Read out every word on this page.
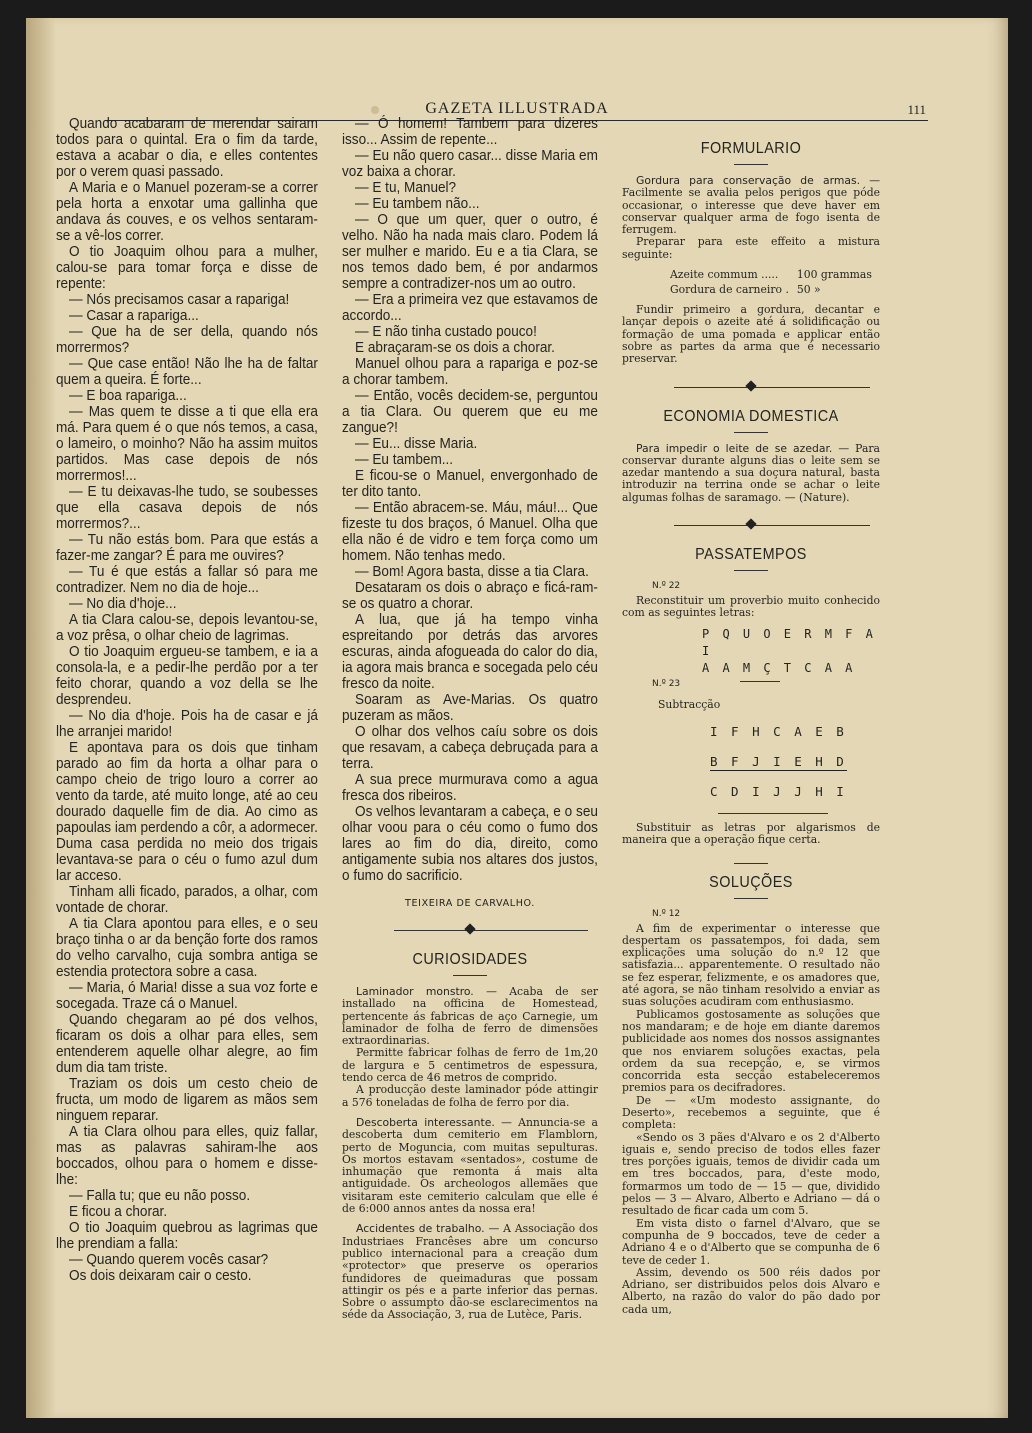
GAZETA ILLUSTRADA	111

Quando acabaram de merendar sairam todos para o quintal. Era o fim da tarde, estava a acabar o dia, e elles contentes por o verem quasi passado.

A Maria e o Manuel pozeram-se a correr pela horta a enxotar uma gallinha que andava ás couves, e os velhos sentaram-se a vê-los correr.

O tio Joaquim olhou para a mulher, calou-se para tomar força e disse de repente:

— Nós precisamos casar a rapariga!

— Casar a rapariga...

— Que ha de ser della, quando nós morrermos?

— Que case então! Não lhe ha de faltar quem a queira. É forte...

— E boa rapariga...

— Mas quem te disse a ti que ella era má. Para quem é o que nós temos, a casa, o lameiro, o moinho? Não ha assim muitos partidos. Mas case depois de nós morrermos!...

— E tu deixavas-lhe tudo, se soubesses que ella casava depois de nós morrermos?...

— Tu não estás bom. Para que estás a fazer-me zangar? É para me ouvires?

— Tu é que estás a fallar só para me contradizer. Nem no dia de hoje...

— No dia d'hoje...

A tia Clara calou-se, depois levantou-se, a voz prêsa, o olhar cheio de lagrimas.

O tio Joaquim ergueu-se tambem, e ia a consola-la, e a pedir-lhe perdão por a ter feito chorar, quando a voz della se lhe desprendeu.

— No dia d'hoje. Pois ha de casar e já lhe arranjei marido!

E apontava para os dois que tinham parado ao fim da horta a olhar para o campo cheio de trigo louro a correr ao vento da tarde, até muito longe, até ao ceu dourado daquelle fim de dia. Ao cimo as papoulas iam perdendo a côr, a adormecer. Duma casa perdida no meio dos trigais levantava-se para o céu o fumo azul dum lar acceso.

Tinham alli ficado, parados, a olhar, com vontade de chorar.

A tia Clara apontou para elles, e o seu braço tinha o ar da benção forte dos ramos do velho carvalho, cuja sombra antiga se estendia protectora sobre a casa.

— Maria, ó Maria! disse a sua voz forte e socegada. Traze cá o Manuel.

Quando chegaram ao pé dos velhos, ficaram os dois a olhar para elles, sem entenderem aquelle olhar alegre, ao fim dum dia tam triste.

Traziam os dois um cesto cheio de fructa, um modo de ligarem as mãos sem ninguem reparar.

A tia Clara olhou para elles, quiz fallar, mas as palavras sahiram-lhe aos boccados, olhou para o homem e disse-lhe:

— Falla tu; que eu não posso.

E ficou a chorar.

O tio Joaquim quebrou as lagrimas que lhe prendiam a falla:

— Quando querem vocês casar?

Os dois deixaram cair o cesto.

— Ó homem! Tambem para dizeres isso... Assim de repente...

— Eu não quero casar... disse Maria em voz baixa a chorar.

— E tu, Manuel?

— Eu tambem não...

— O que um quer, quer o outro, é velho. Não ha nada mais claro. Podem lá ser mulher e marido. Eu e a tia Clara, se nos temos dado bem, é por andarmos sempre a contradizer-nos um ao outro.

— Era a primeira vez que estavamos de accordo...

— E não tinha custado pouco!

E abraçaram-se os dois a chorar.

Manuel olhou para a rapariga e poz-se a chorar tambem.

— Então, vocês decidem-se, perguntou a tia Clara. Ou querem que eu me zangue?!

— Eu... disse Maria.

— Eu tambem...

E ficou-se o Manuel, envergonhado de ter dito tanto.

— Então abracem-se. Máu, máu!... Que fizeste tu dos braços, ó Manuel. Olha que ella não é de vidro e tem força como um homem. Não tenhas medo.

— Bom! Agora basta, disse a tia Clara.

Desataram os dois o abraço e ficá-ram-se os quatro a chorar.

A lua, que já ha tempo vinha espreitando por detrás das arvores escuras, ainda afogueada do calor do dia, ia agora mais branca e socegada pelo céu fresco da noite.

Soaram as Ave-Marias. Os quatro puzeram as mãos.

O olhar dos velhos caíu sobre os dois que resavam, a cabeça debruçada para a terra.

A sua prece murmurava como a agua fresca dos ribeiros.

Os velhos levantaram a cabeça, e o seu olhar voou para o céu como o fumo dos lares ao fim do dia, direito, como antigamente subia nos altares dos justos, o fumo do sacrificio.

TEIXEIRA DE CARVALHO.

CURIOSIDADES

Laminador monstro. — Acaba de ser installado na officina de Homestead, pertencente ás fabricas de aço Carnegie, um laminador de folha de ferro de dimensões extraordinarias.

Permitte fabricar folhas de ferro de 1m,20 de largura e 5 centimetros de espessura, tendo cerca de 46 metros de comprido.

A producção deste laminador póde attingir a 576 toneladas de folha de ferro por dia.

Descoberta interessante. — Annuncia-se a descoberta dum cemiterio em Flamblorn, perto de Moguncia, com muitas sepulturas. Os mortos estavam «sentados», costume de inhumação que remonta á mais alta antiguidade. Os archeologos allemães que visitaram este cemiterio calculam que elle é de 6:000 annos antes da nossa era!

Accidentes de trabalho. — A Associação dos Industriaes Francêses abre um concurso publico internacional para a creação dum «protector» que preserve os operarios fundidores de queimaduras que possam attingir os pés e a parte inferior das pernas. Sobre o assumpto dão-se esclarecimentos na séde da Associação, 3, rua de Lutèce, Paris.

FORMULARIO

Gordura para conservação de armas. — Facilmente se avalia pelos perigos que póde occasionar, o interesse que deve haver em conservar qualquer arma de fogo isenta de ferrugem.

Preparar para este effeito a mistura seguinte:

Azeite commum .....	100 grammas
Gordura de carneiro .	50 »

Fundir primeiro a gordura, decantar e lançar depois o azeite até á solidificação ou formação de uma pomada e applicar então sobre as partes da arma que é necessario preservar.

ECONOMIA DOMESTICA

Para impedir o leite de se azedar. — Para conservar durante alguns dias o leite sem se azedar mantendo a sua doçura natural, basta introduzir na terrina onde se achar o leite algumas folhas de saramago. — (Nature).

PASSATEMPOS

N.º 22

Reconstituir um proverbio muito conhecido com as seguintes letras:

P Q U O E R M F A I

A A M Ç T C A A

N.º 23

Subtracção

I F H C A E B

B F J I E H D

C D I J J H I

Substituir as letras por algarismos de maneira que a operação fique certa.

SOLUÇÕES

N.º 12

A fim de experimentar o interesse que despertam os passatempos, foi dada, sem explicações uma solução do n.º 12 que satisfazia... apparentemente. O resultado não se fez esperar, felizmente, e os amadores que, até agora, se não tinham resolvido a enviar as suas soluções acudiram com enthusiasmo.

Publicamos gostosamente as soluções que nos mandaram; e de hoje em diante daremos publicidade aos nomes dos nossos assignantes que nos enviarem soluções exactas, pela ordem da sua recepção, e, se virmos concorrida esta secção estabeleceremos premios para os decifradores.

De — «Um modesto assignante, do Deserto», recebemos a seguinte, que é completa:

«Sendo os 3 pães d'Alvaro e os 2 d'Alberto iguais e, sendo preciso de todos elles fazer tres porções iguais, temos de dividir cada um em tres boccados, para, d'este modo, formarmos um todo de — 15 — que, dividido pelos — 3 — Alvaro, Alberto e Adriano — dá o resultado de ficar cada um com 5.

Em vista disto o farnel d'Alvaro, que se compunha de 9 boccados, teve de ceder a Adriano 4 e o d'Alberto que se compunha de 6 teve de ceder 1.

Assim, devendo os 500 réis dados por Adriano, ser distribuidos pelos dois Alvaro e Alberto, na razão do valor do pão dado por cada um,
